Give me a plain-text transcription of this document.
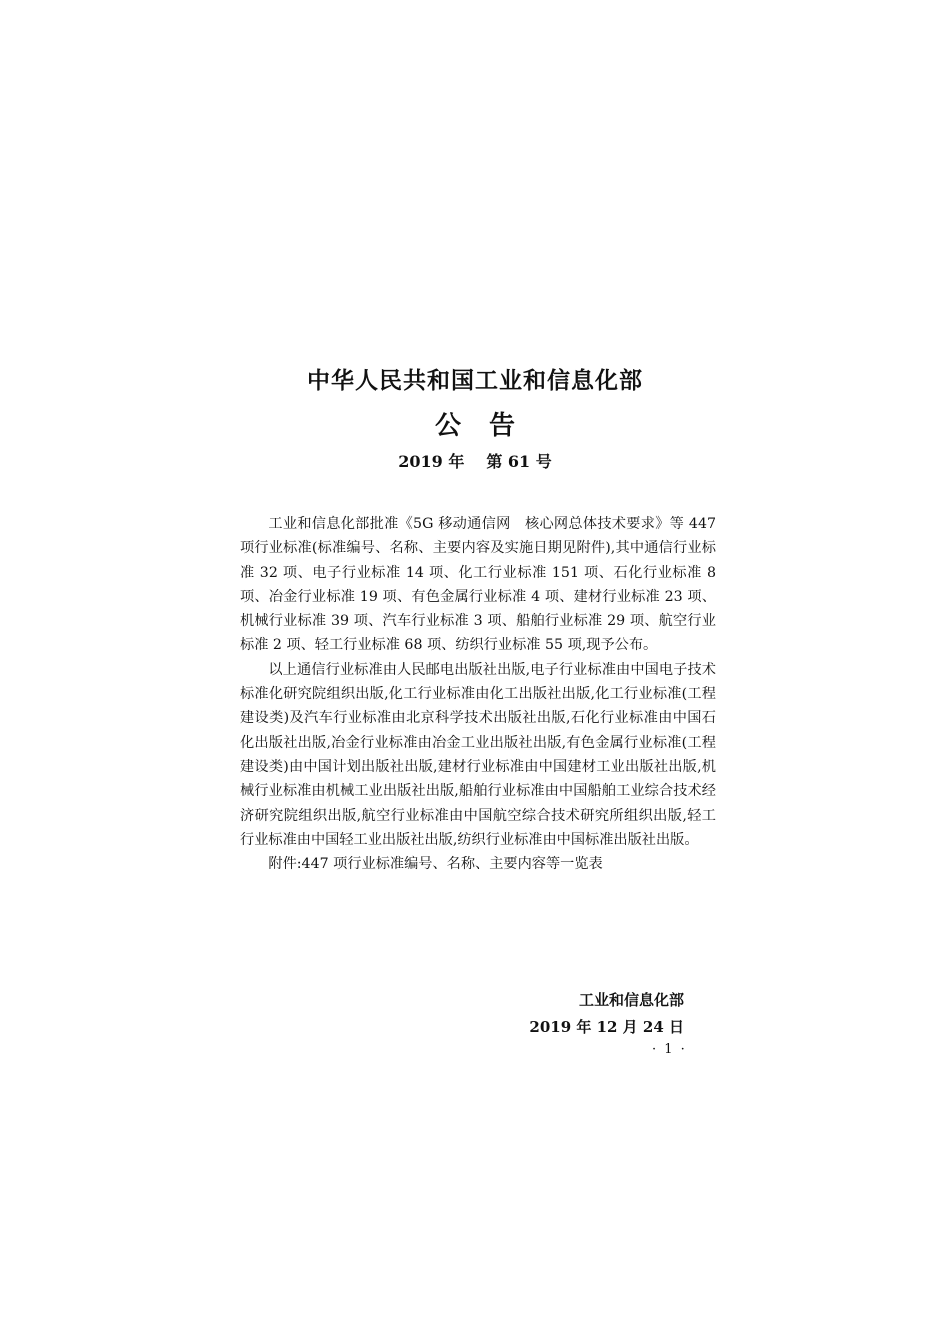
中华人民共和国工业和信息化部
公告
2019 年 第 61 号

工业和信息化部批准《5G 移动通信网　核心网总体技术要求》等 447 项行业标准(标准编号、名称、主要内容及实施日期见附件),其中通信行业标准 32 项、电子行业标准 14 项、化工行业标准 151 项、石化行业标准 8 项、冶金行业标准 19 项、有色金属行业标准 4 项、建材行业标准 23 项、机械行业标准 39 项、汽车行业标准 3 项、船舶行业标准 29 项、航空行业标准 2 项、轻工行业标准 68 项、纺织行业标准 55 项,现予公布。

以上通信行业标准由人民邮电出版社出版,电子行业标准由中国电子技术标准化研究院组织出版,化工行业标准由化工出版社出版,化工行业标准(工程建设类)及汽车行业标准由北京科学技术出版社出版,石化行业标准由中国石化出版社出版,冶金行业标准由冶金工业出版社出版,有色金属行业标准(工程建设类)由中国计划出版社出版,建材行业标准由中国建材工业出版社出版,机械行业标准由机械工业出版社出版,船舶行业标准由中国船舶工业综合技术经济研究院组织出版,航空行业标准由中国航空综合技术研究所组织出版,轻工行业标准由中国轻工业出版社出版,纺织行业标准由中国标准出版社出版。

附件:447 项行业标准编号、名称、主要内容等一览表

工业和信息化部
2019 年 12 月 24 日
· 1 ·
